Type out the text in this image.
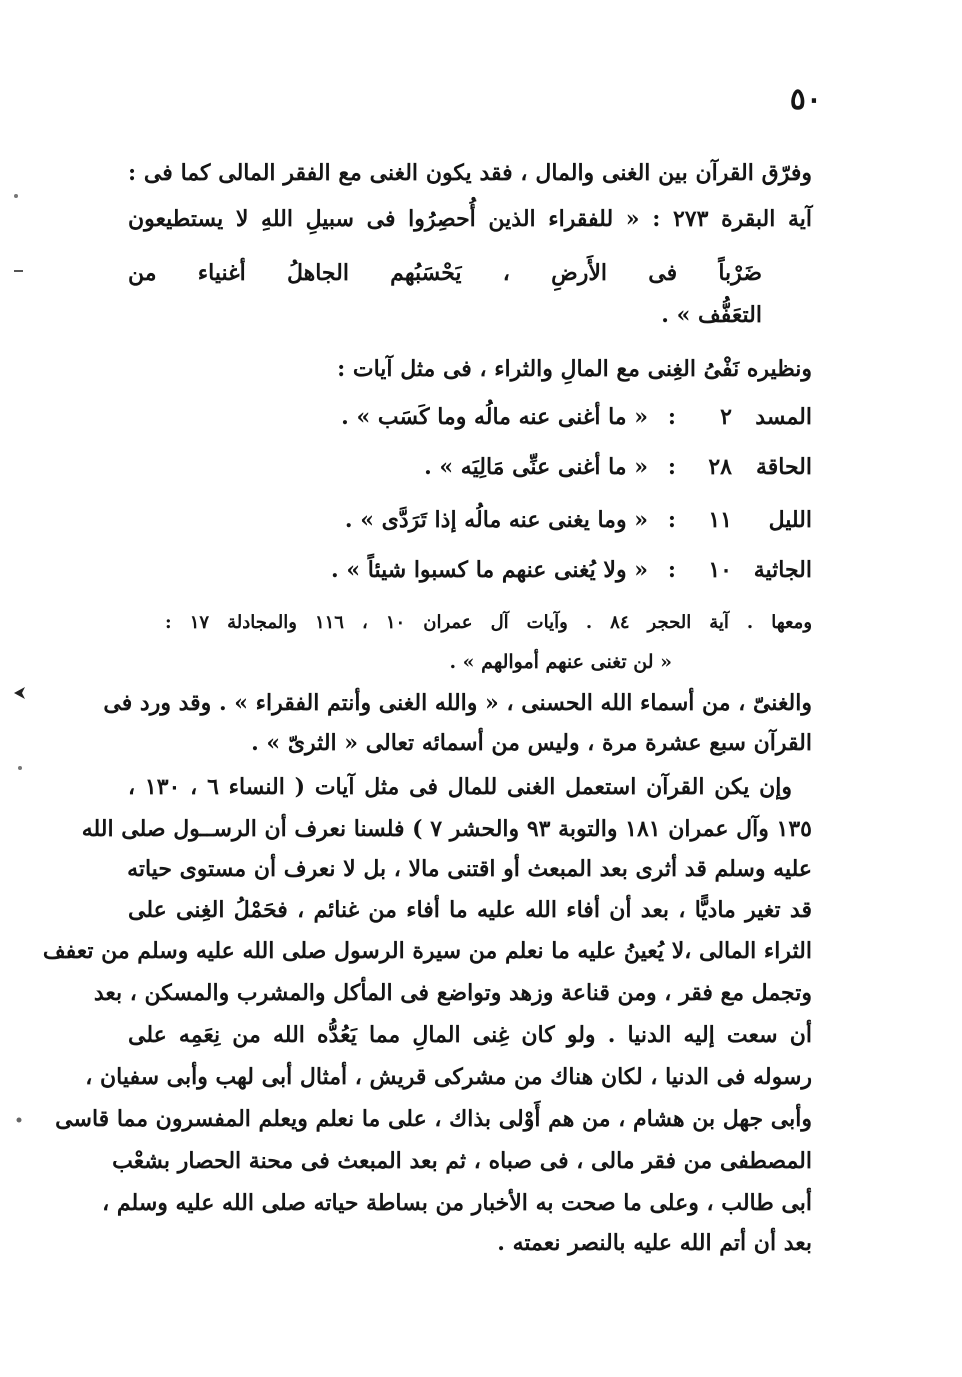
٥٠
وفرّق القرآن بين الغنى والمال ، فقد يكون الغنى مع الفقر المالى كما فى :
آية البقرة ٢٧٣ : « للفقراء الذين أُحصِرُوا فى سبيلِ اللهِ لا يستطيعون
ضَرْباً فى الأَرضِ ، يَحْسَبُهم الجاهلُ أغنياء من
التعَفُّف » .
ونظيره نَفْىُ الغِنى مع المالِ والثراء ، فى مثل آيات :
المسد
٢
:
« ما أغنى عنه مالُه وما كَسَب » .
الحاقة
٢٨
:
« ما أغنى عنِّى مَالِيَه » .
الليل
١١
:
« وما يغنى عنه مالُه إذا تَرَدَّى » .
الجاثية
١٠
:
« ولا يُغنى عنهم ما كسبوا شيئاً » .
ومعها . آية الحجر ٨٤ . وآيات آل عمران ١٠ ، ١١٦ والمجادلة ١٧ :
« لن تغنى عنهم أموالهم » .
والغنىّ ، من أسماء الله الحسنى ، « والله الغنى وأنتم الفقراء » . وقد ورد فى
القرآن سبع عشرة مرة ، وليس من أسمائه تعالى « الثرىّ » .
وإن يكن القرآن استعمل الغنى للمال فى مثل آيات ( النساء ٦ ، ١٣٠ ،
١٣٥ وآل عمران ١٨١ والتوبة ٩٣ والحشر ٧ ) فلسنا نعرف أن الرســول صلى الله
عليه وسلم قد أثرى بعد المبعث أو اقتنى مالا ، بل لا نعرف أن مستوى حياته
قد تغير ماديًّا ، بعد أن أفاء الله عليه ما أفاء من غنائم ، فحَمْلُ الغِنى على
الثراء المالى ،لا يُعينُ عليه ما نعلم من سيرة الرسول صلى الله عليه وسلم من تعفف
وتجمل مع فقر ، ومن قناعة وزهد وتواضع فى المأكل والمشرب والمسكن ، بعد
أن سعت إليه الدنيا . ولو كان غِنى المالِ مما يَعُدُّه الله من نِعَمِه على
رسوله فى الدنيا ، لكان هناك من مشركى قريش ، أمثال أبى لهب وأبى سفيان ،
وأبى جهل بن هشام ، من هم أَوْلى بذاك ، على ما نعلم ويعلم المفسرون مما قاسى
المصطفى من فقر مالى ، فى صباه ، ثم بعد المبعث فى محنة الحصار بشعْب
أبى طالب ، وعلى ما صحت به الأخبار من بساطة حياته صلى الله عليه وسلم ،
بعد أن أتم الله عليه بالنصر نعمته .
